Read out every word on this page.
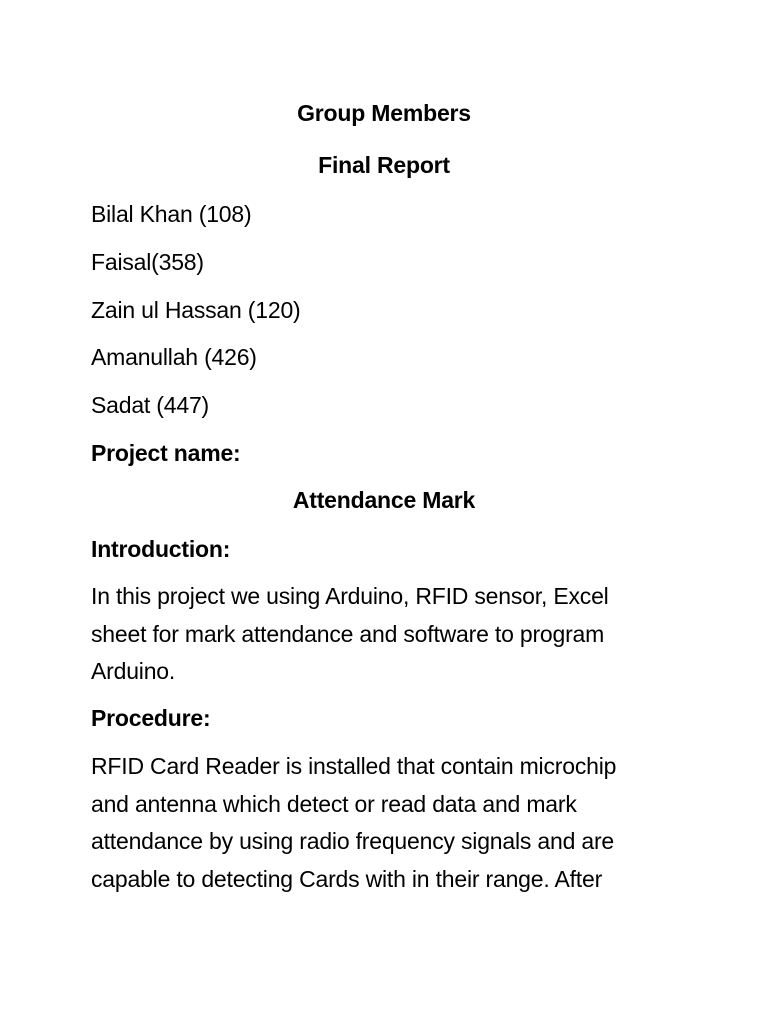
Group Members
Final Report
Bilal Khan (108)
Faisal(358)
Zain ul Hassan (120)
Amanullah (426)
Sadat (447)
Project name:
Attendance Mark
Introduction:
In this project we using Arduino, RFID sensor, Excel
sheet for mark attendance and software to program
Arduino.
Procedure:
RFID Card Reader is installed that contain microchip
and antenna which detect or read data and mark
attendance by using radio frequency signals and are
capable to detecting Cards with in their range. After
